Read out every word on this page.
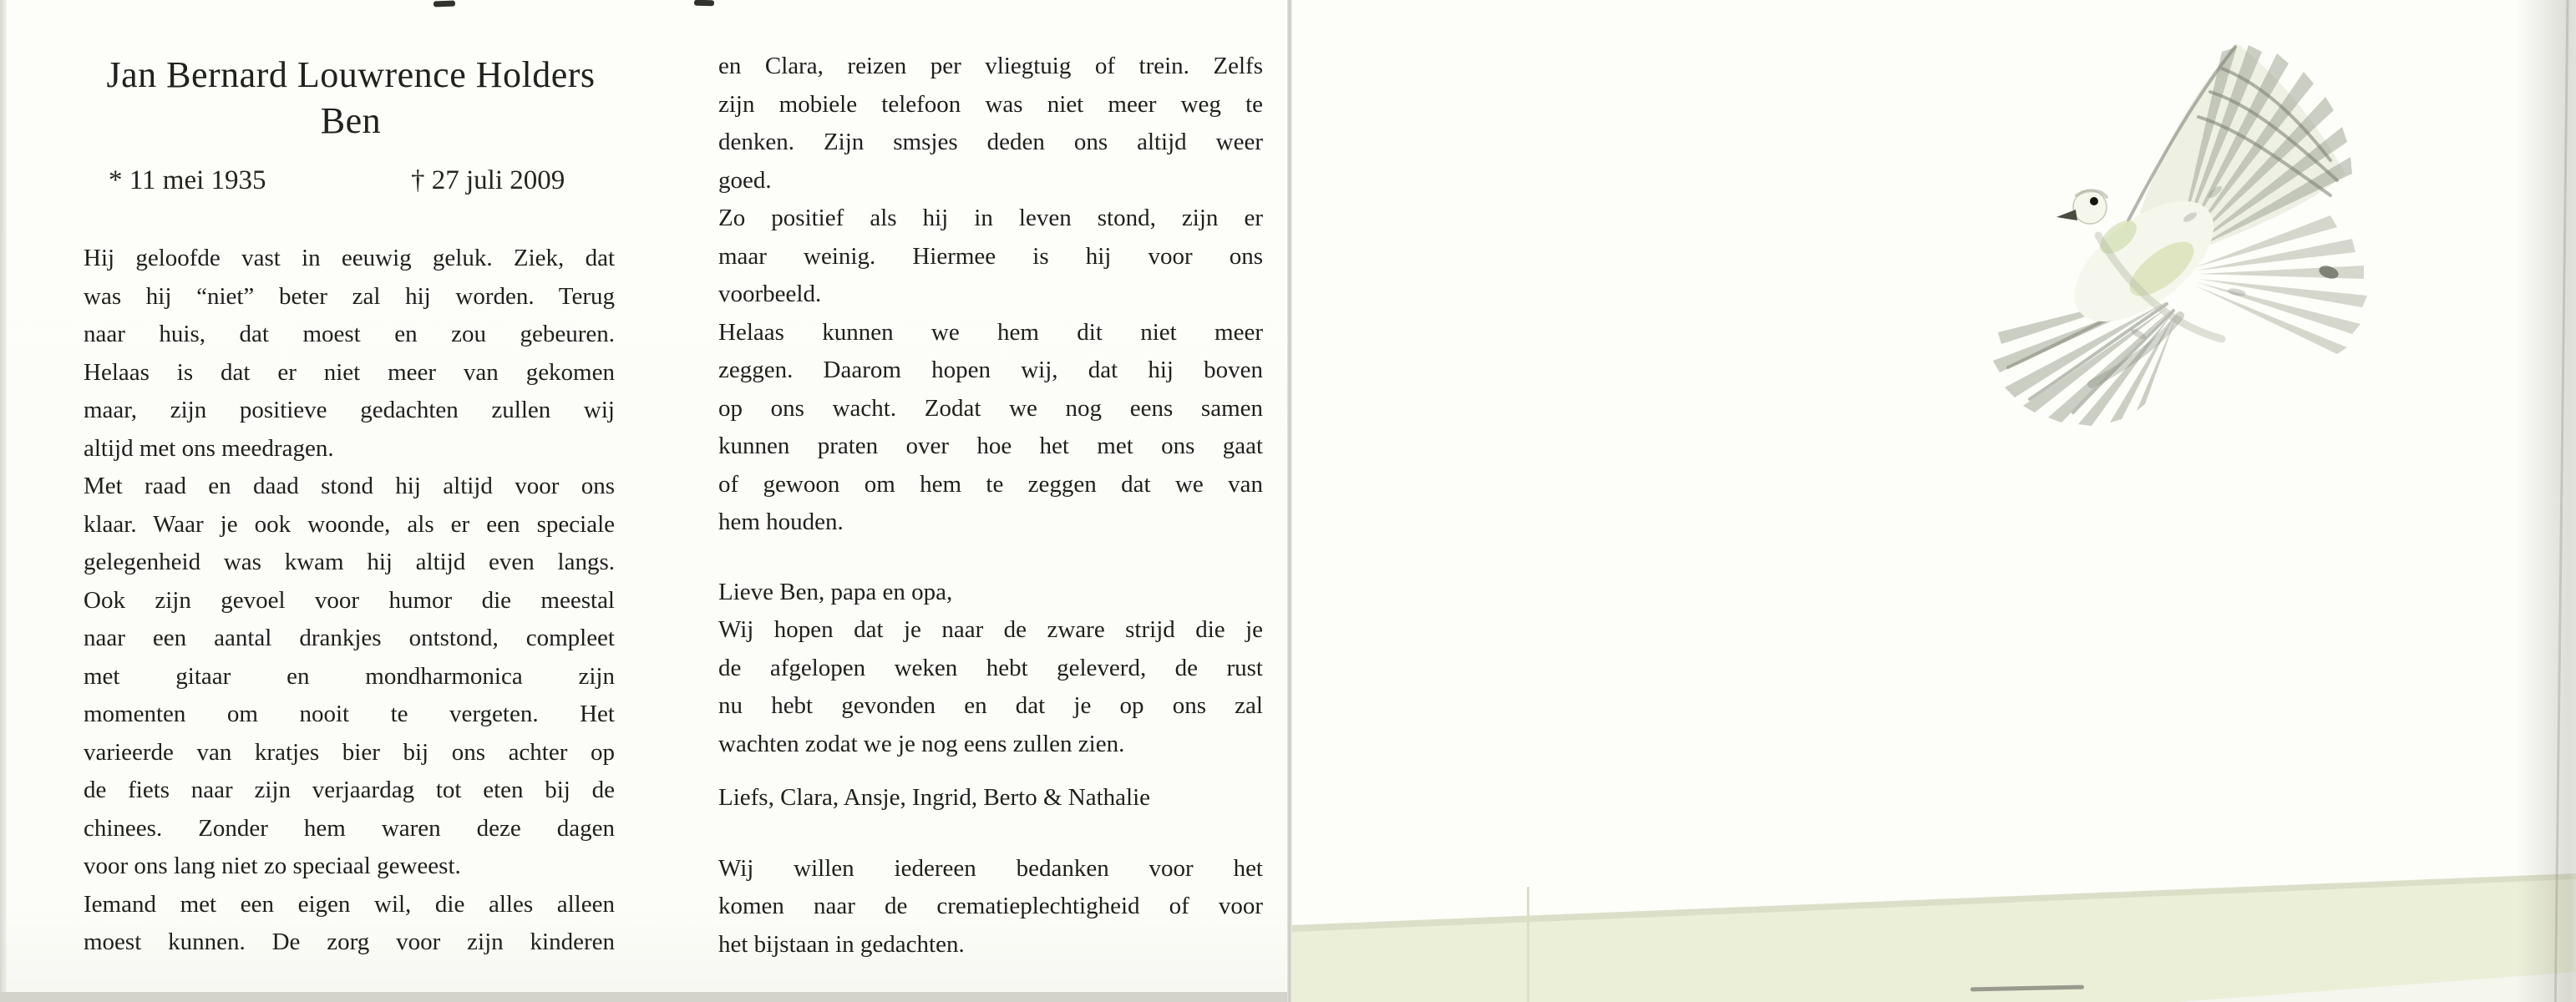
Jan Bernard Louwrence Holders
Ben
* 11 mei 1935	† 27 juli 2009
Hij geloofde vast in eeuwig geluk. Ziek, dat
was hij “niet” beter zal hij worden. Terug
naar huis, dat moest en zou gebeuren.
Helaas is dat er niet meer van gekomen
maar, zijn positieve gedachten zullen wij
altijd met ons meedragen.
Met raad en daad stond hij altijd voor ons
klaar. Waar je ook woonde, als er een speciale
gelegenheid was kwam hij altijd even langs.
Ook zijn gevoel voor humor die meestal
naar een aantal drankjes ontstond, compleet
met gitaar en mondharmonica zijn
momenten om nooit te vergeten. Het
varieerde van kratjes bier bij ons achter op
de fiets naar zijn verjaardag tot eten bij de
chinees. Zonder hem waren deze dagen
voor ons lang niet zo speciaal geweest.
Iemand met een eigen wil, die alles alleen
moest kunnen. De zorg voor zijn kinderen
en Clara, reizen per vliegtuig of trein. Zelfs
zijn mobiele telefoon was niet meer weg te
denken. Zijn smsjes deden ons altijd weer
goed.
Zo positief als hij in leven stond, zijn er
maar weinig. Hiermee is hij voor ons
voorbeeld.
Helaas kunnen we hem dit niet meer
zeggen. Daarom hopen wij, dat hij boven
op ons wacht. Zodat we nog eens samen
kunnen praten over hoe het met ons gaat
of gewoon om hem te zeggen dat we van
hem houden.
Lieve Ben, papa en opa,
Wij hopen dat je naar de zware strijd die je
de afgelopen weken hebt geleverd, de rust
nu hebt gevonden en dat je op ons zal
wachten zodat we je nog eens zullen zien.
Liefs, Clara, Ansje, Ingrid, Berto & Nathalie
Wij willen iedereen bedanken voor het
komen naar de crematieplechtigheid of voor
het bijstaan in gedachten.
